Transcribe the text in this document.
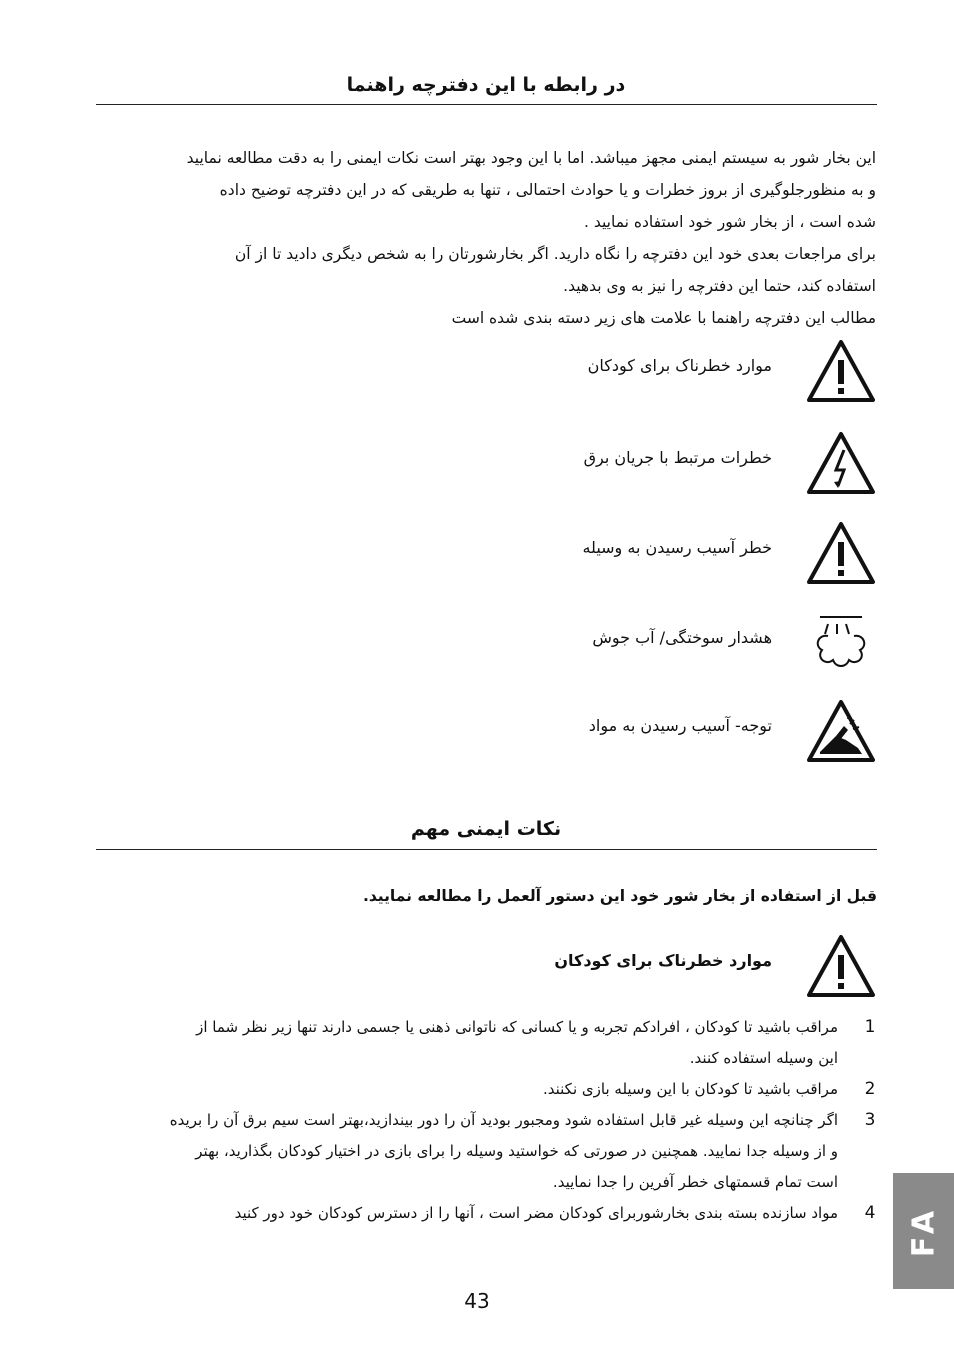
در رابطه با این دفترچه راهنما
این بخار شور به سیستم ایمنی مجهز میباشد. اما با این وجود بهتر است نکات ایمنی را به دقت مطالعه نمایید
و به منظورجلوگیری از بروز خطرات و یا حوادث احتمالی ، تنها به طریقی که در این دفترچه توضیح داده
شده است ، از بخار شور خود استفاده نمایید .
برای مراجعات بعدی خود این دفترچه را نگاه دارید. اگر بخارشورتان را به شخص دیگری دادید تا از آن
استفاده کند، حتما این دفترچه را نیز به وی بدهید.
مطالب این دفترچه راهنما با علامت های زیر دسته بندی شده است
موارد خطرناک برای کودکان
خطرات مرتبط با جریان برق
خطر آسیب رسیدن به وسیله
هشدار سوختگی/ آب جوش
توجه- آسیب رسیدن به مواد
نکات ایمنی مهم
قبل از استفاده از بخار شور خود این دستور آلعمل را مطالعه نمایید.
موارد خطرناک برای کودکان
1
مراقب باشید تا کودکان ، افرادکم تجربه و یا کسانی که ناتوانی ذهنی یا جسمی دارند تنها زیر نظر شما از
این وسیله استفاده کنند.
2
مراقب باشید تا کودکان با این وسیله بازی نکنند.
3
اگر چنانچه این وسیله غیر قابل استفاده شود ومجبور بودید آن را دور بیندازید،بهتر است سیم برق آن را بریده
و از وسیله جدا نمایید. همچنین در صورتی که خواستید وسیله را برای بازی در اختیار کودکان بگذارید، بهتر
است تمام قسمتهای خطر آفرین را جدا نمایید.
4
مواد سازنده بسته بندی بخارشوربرای کودکان مضر است ، آنها را از دسترس کودکان خود دور کنید FA
43
